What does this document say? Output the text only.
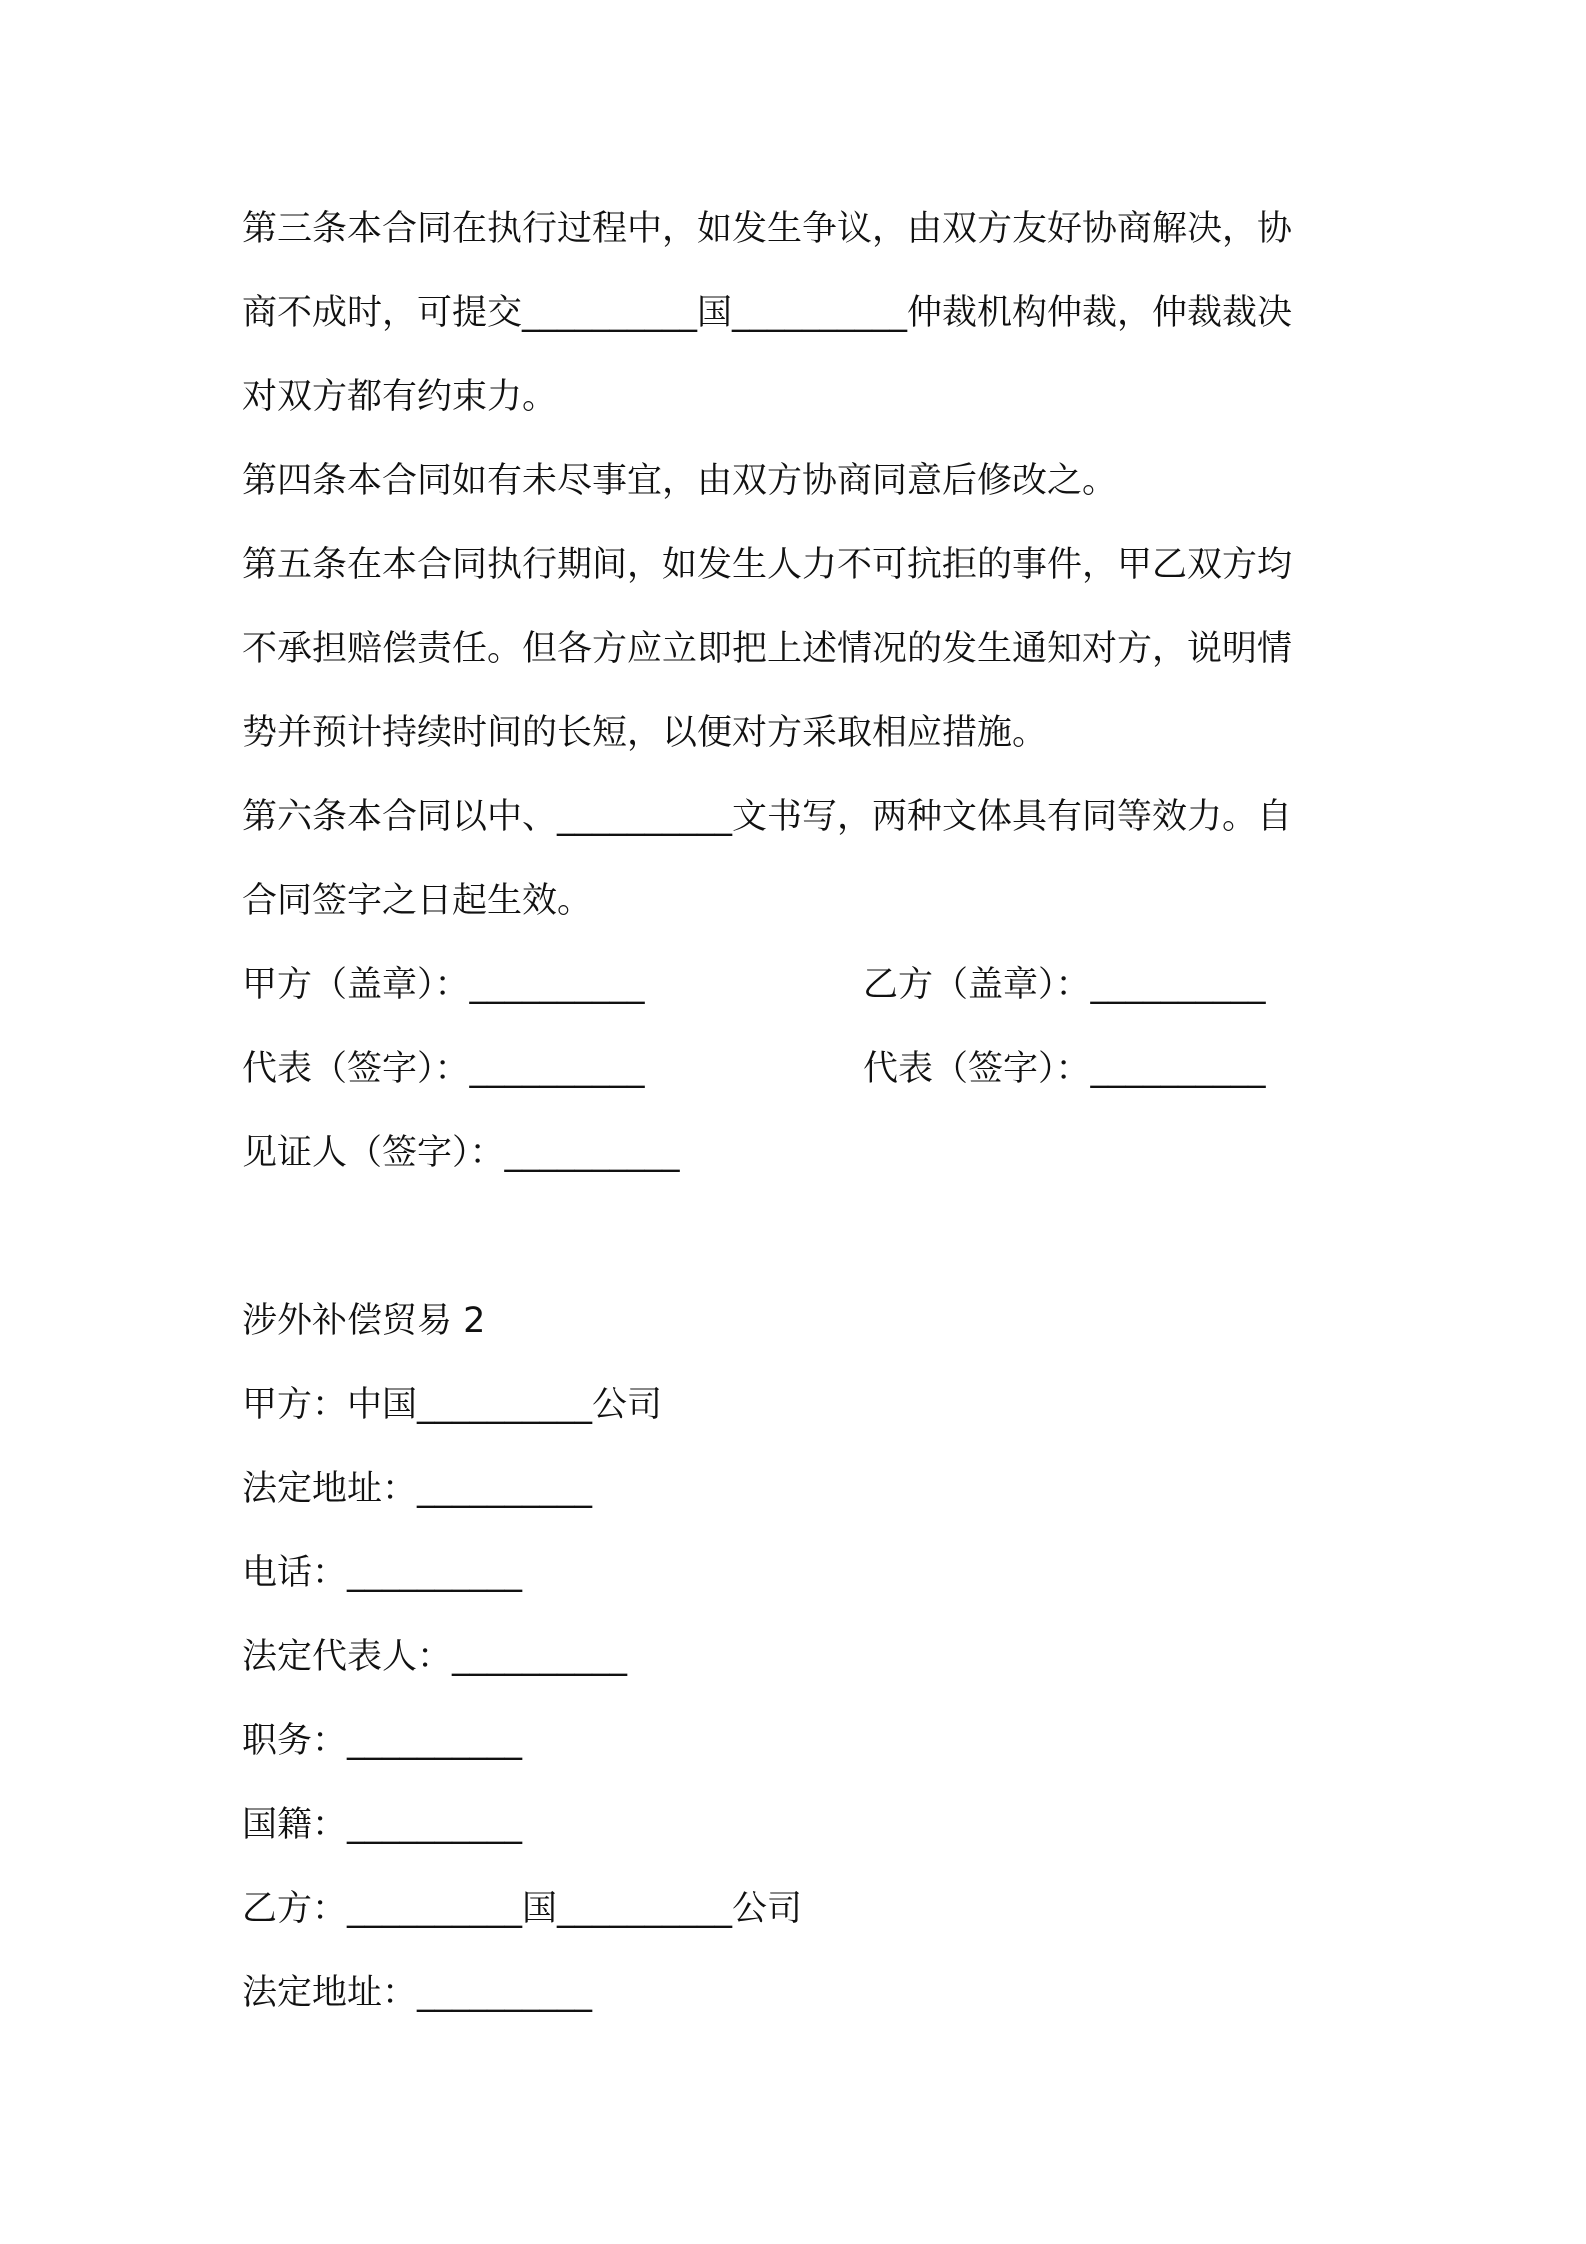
第三条本合同在执行过程中，如发生争议，由双方友好协商解决，协
商不成时，可提交__________国__________仲裁机构仲裁，仲裁裁决
对双方都有约束力。
第四条本合同如有未尽事宜，由双方协商同意后修改之。
第五条在本合同执行期间，如发生人力不可抗拒的事件，甲乙双方均
不承担赔偿责任。但各方应立即把上述情况的发生通知对方，说明情
势并预计持续时间的长短，以便对方采取相应措施。
第六条本合同以中、__________文书写，两种文体具有同等效力。自
合同签字之日起生效。
甲方（盖章）：__________	乙方（盖章）：__________
代表（签字）：__________	代表（签字）：__________
见证人（签字）：__________
涉外补偿贸易 2
甲方：中国__________公司
法定地址：__________
电话：__________
法定代表人：__________
职务：__________
国籍：__________
乙方：__________国__________公司
法定地址：__________
